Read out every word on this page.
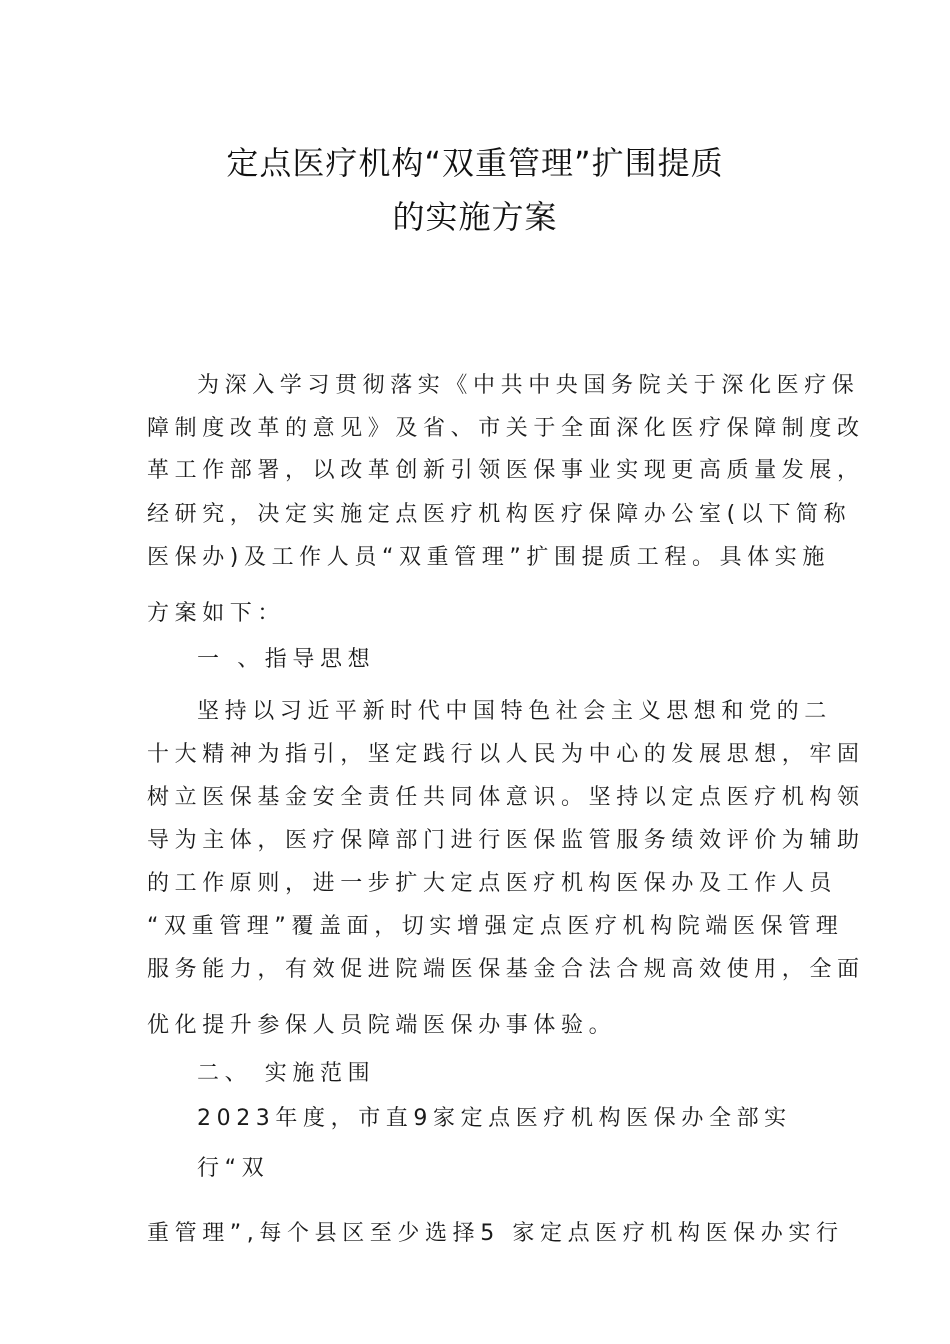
定点医疗机构“双重管理”扩围提质
的实施方案
为深入学习贯彻落实《中共中央国务院关于深化医疗保
障制度改革的意见》及省、市关于全面深化医疗保障制度改
革工作部署，以改革创新引领医保事业实现更高质量发展，
经研究，决定实施定点医疗机构医疗保障办公室(以下简称
医保办)及工作人员“双重管理”扩围提质工程。具体实施
方案如下：
一 、指导思想
坚持以习近平新时代中国特色社会主义思想和党的二
十大精神为指引，坚定践行以人民为中心的发展思想，牢固
树立医保基金安全责任共同体意识。坚持以定点医疗机构领
导为主体，医疗保障部门进行医保监管服务绩效评价为辅助
的工作原则，进一步扩大定点医疗机构医保办及工作人员
“双重管理”覆盖面，切实增强定点医疗机构院端医保管理
服务能力，有效促进院端医保基金合法合规高效使用，全面
优化提升参保人员院端医保办事体验。
二、 实施范围
2023年度，市直9家定点医疗机构医保办全部实
行“双
重管理”,每个县区至少选择5 家定点医疗机构医保办实行
